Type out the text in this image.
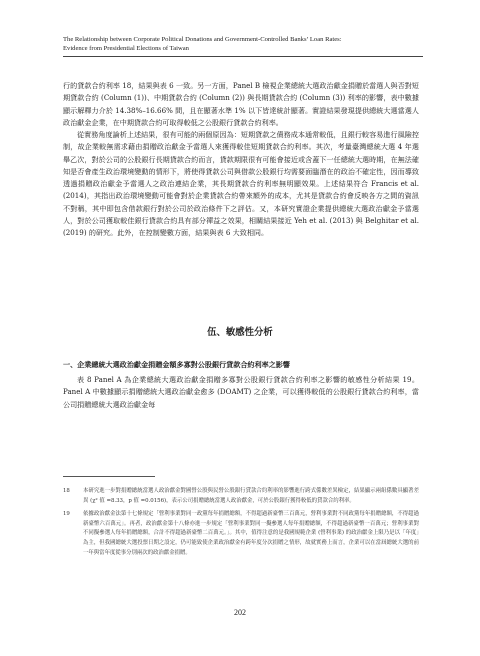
The Relationship between Corporate Political Donations and Government-Controlled Banks’ Loan Rates:
Evidence from Presidential Elections of Taiwan

行的貸款合約利率 18，結果與表 6 一致。另一方面，Panel B 檢視企業總統大選政治獻金捐贈於當選人與否對短期貸款合約 (Column (1))、中期貸款合約 (Column (2)) 與長期貸款合約 (Column (3)) 利率的影響，表中數據顯示解釋力介於 14.38%–16.66% 間，且在顯著水準 1% 以下皆達統計顯著。實證結果發現提供總統大選當選人政治獻金企業，在中期貸款合約可取得較低之公股銀行貸款合約利率。

從實務角度論析上述結果，很有可能的兩個原因為：短期貸款之債務成本通常較低，且銀行較容易進行風險控制，故企業較無需求藉由捐贈政治獻金予當選人來獲得較佳短期貸款合約利率。其次，考量臺灣總統大選 4 年選舉乙次，對於公司的公股銀行長期貸款合約而言，貸款期限很有可能會接近或含蓋下一任總統大選時期，在無法確知是否會產生政治環境變動的情形下，將使得貸款公司與借款公股銀行均需要面臨潛在的政治不確定性，因而導致透過捐贈政治獻金予當選人之政治連結企業，其長期貸款合約利率無明顯效果。上述結果符合 Francis et al. (2014)，其指出政治環境變動可能會對於企業貸款合約帶來額外的成本，尤其是貸款合約會反映各方之間的資訊不對稱，其中即包含借款銀行對於公司於政治條件下之評估。又，本研究實證企業提供總統大選政治獻金予當選人，對於公司獲取較佳銀行貸款合約具有部分禪益之效果，相關結果接近 Yeh et al. (2013) 與 Belghitar et al. (2019) 的研究。此外，在控制變數方面，結果與表 6 大致相同。

伍、敏感性分析
一、企業總統大選政治獻金捐贈金額多寡對公股銀行貸款合約利率之影響

表 8 Panel A 為企業總統大選政治獻金捐贈多寡對公股銀行貸款合約利率之影響的敏感性分析結果 19。Panel A 中數據顯示捐贈總統大選政治獻金愈多 (DOAMT) 之企業，可以獲得較低的公股銀行貸款合約利率，當公司捐贈總統大選政治獻金每

18	本研究進一步對捐贈總統當選人政治獻金對國營公股與民營公股銀行貸款合約利率的影響進行跨式係數差異檢定，結果顯示兩組係數具顯著差異 (χ² 值 =8.33，p 值 =0.0156)，表示公司捐贈總統當選人政治獻金，可於公股銀行獲得較低的貸款合約利率。
19	依據政治獻金法第十七條規定「營利事業對同一政黨每年捐贈總額，不得超過新臺幣三百萬元，營利事業對不同政黨每年捐贈總額，不得超過新臺幣六百萬元」。再者，政治獻金第十八條亦進一步規定「營利事業對同一擬參選人每年捐贈總額，不得超過新臺幣一百萬元；營利事業對不同擬參選人每年捐贈總額，合計不得超過新臺幣二百萬元。」。其中，值得注意的是我國規範企業 (營利事業) 的政治獻金上限乃是以「年度」為主，但我國總統大選投票日期之設定，仍可能致使企業政治獻金有跨年度分次捐贈之情形，故就實務上而言，企業可以在當屆總統大選的前一年與當年度從事分別兩次的政治獻金捐贈。
202
